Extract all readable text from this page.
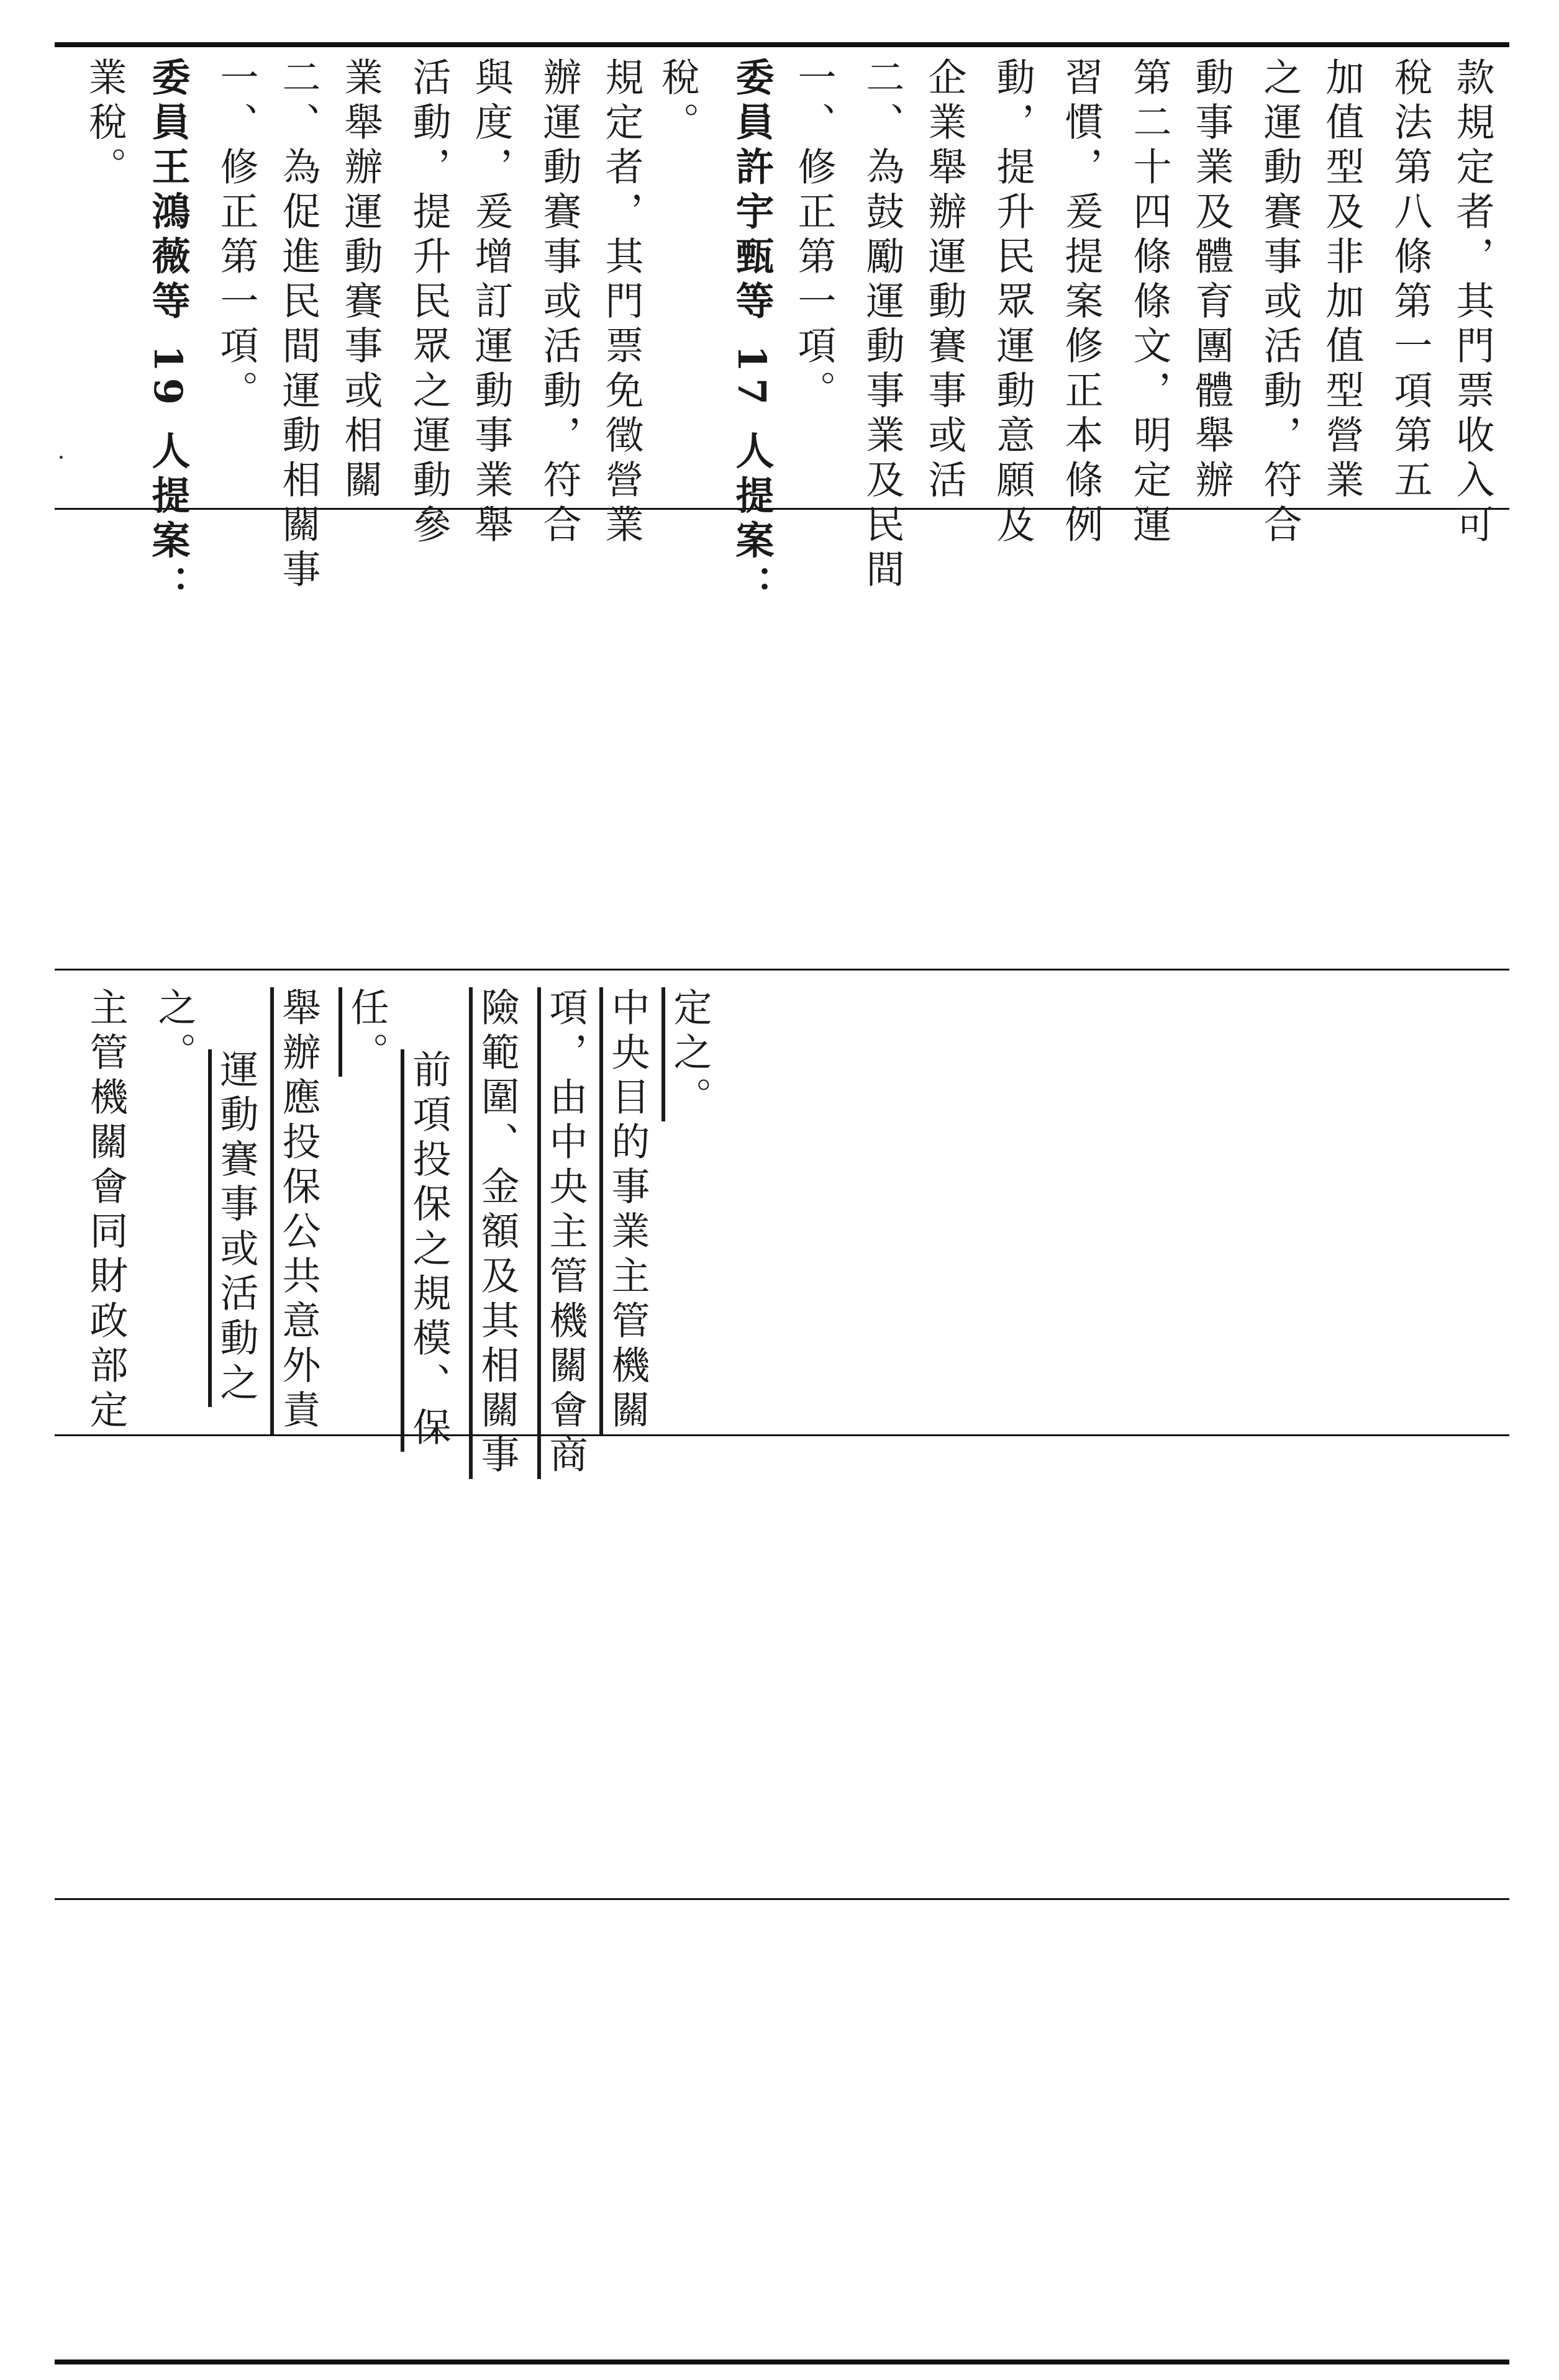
業稅。 委員王鴻薇等 19 人提案： 一、修正第一項。 二、為促進民間運動相關事 業舉辦運動賽事或相關 活動，提升民眾之運動參 與度，爰增訂運動事業舉 辦運動賽事或活動，符合 規定者，其門票免徵營業 稅。 委員許宇甄等 17 人提案： 一、修正第一項。 二、為鼓勵運動事業及民間 企業舉辦運動賽事或活 動，提升民眾運動意願及 習慣，爰提案修正本條例 第二十四條條文，明定運 動事業及體育團體舉辦 之運動賽事或活動，符合 加值型及非加值型營業 稅法第八條第一項第五 款規定者，其門票收入可
主管機關會同財政部定 之。
運動賽事或活動之 舉辦應投保公共意外責
任。
前項投保之規模、保 險範圍、金額及其相關事 項，由中央主管機關會商 中央目的事業主管機關 定之。
